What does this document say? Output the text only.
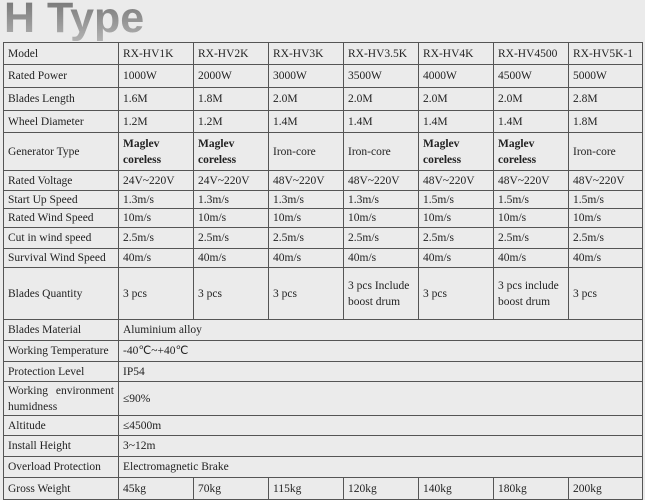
H Type
Model	RX-HV1K	RX-HV2K	RX-HV3K	RX-HV3.5K	RX-HV4K	RX-HV4500	RX-HV5K-1
Rated Power	1000W	2000W	3000W	3500W	4000W	4500W	5000W
Blades Length	1.6M	1.8M	2.0M	2.0M	2.0M	2.0M	2.8M
Wheel Diameter	1.2M	1.2M	1.4M	1.4M	1.4M	1.4M	1.8M
Generator Type	Maglev coreless	Maglev coreless	Iron-core	Iron-core	Maglev coreless	Maglev coreless	Iron-core
Rated Voltage	24V~220V	24V~220V	48V~220V	48V~220V	48V~220V	48V~220V	48V~220V
Start Up Speed	1.3m/s	1.3m/s	1.3m/s	1.3m/s	1.5m/s	1.5m/s	1.5m/s
Rated Wind Speed	10m/s	10m/s	10m/s	10m/s	10m/s	10m/s	10m/s
Cut in wind speed	2.5m/s	2.5m/s	2.5m/s	2.5m/s	2.5m/s	2.5m/s	2.5m/s
Survival Wind Speed	40m/s	40m/s	40m/s	40m/s	40m/s	40m/s	40m/s
Blades Quantity	3 pcs	3 pcs	3 pcs	3 pcs Include boost drum	3 pcs	3 pcs include boost drum	3 pcs
Blades Material	Aluminium alloy						
Working Temperature	-40℃~+40℃						
Protection Level	IP54						
Working environment humidness	≤90%						
Altitude	≤4500m						
Install Height	3~12m						
Overload Protection	Electromagnetic Brake						
Gross Weight	45kg	70kg	115kg	120kg	140kg	180kg	200kg
